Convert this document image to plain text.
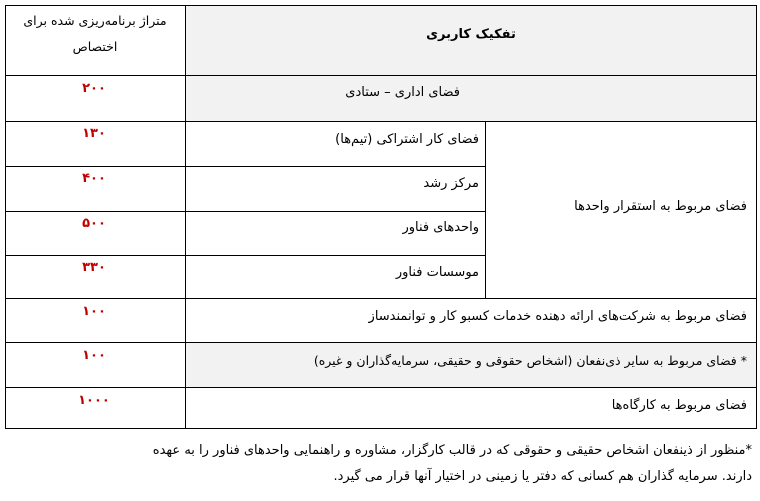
تفکیک کاربری
متراژ برنامه‌ریزی شده برای
اختصاص
فضای اداری – ستادی
۲۰۰
فضای مربوط به استقرار واحدها
فضای کار اشتراکی (تیم‌ها)
۱۳۰
مرکز رشد
۴۰۰
واحدهای فناور
۵۰۰
موسسات فناور
۳۳۰
فضای مربوط به شرکت‌های ارائه دهنده خدمات کسبو کار و توانمندساز
۱۰۰
* فضای مربوط به سایر ذی‌نفعان (اشخاص حقوقی و حقیقی، سرمایه‌گذاران و غیره)
۱۰۰
فضای مربوط به کارگاه‌ها
۱۰۰۰
*منظور از ذینفعان اشخاص حقیقی و حقوقی که در قالب کارگزار، مشاوره و راهنمایی واحدهای فناور را به عهده
دارند. سرمایه گذاران هم کسانی که دفتر یا زمینی در اختیار آنها قرار می گیرد.
